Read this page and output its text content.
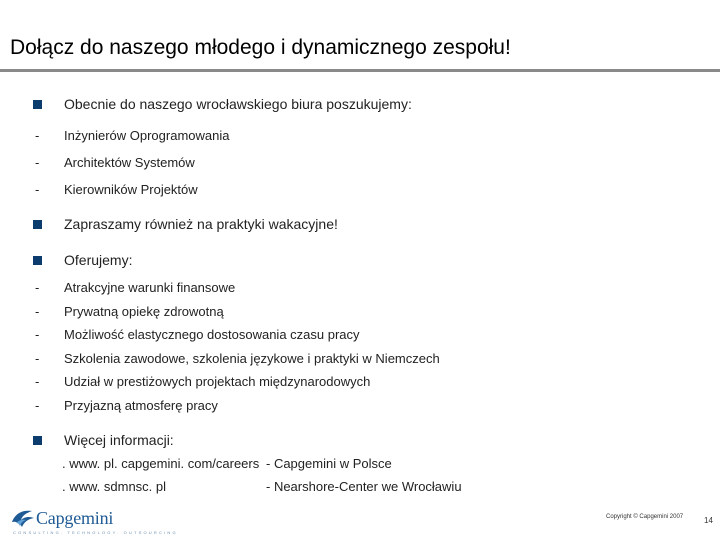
Dołącz do naszego młodego i dynamicznego zespołu!
Obecnie do naszego wrocławskiego biura poszukujemy:
- Inżynierów Oprogramowania
- Architektów Systemów
- Kierowników Projektów
Zapraszamy również na praktyki wakacyjne!
Oferujemy:
- Atrakcyjne warunki finansowe
- Prywatną opiekę zdrowotną
- Możliwość elastycznego dostosowania czasu pracy
- Szkolenia zawodowe, szkolenia językowe i praktyki w Niemczech
- Udział w prestiżowych projektach międzynarodowych
- Przyjazną atmosferę pracy
Więcej informacji:
. www. pl. capgemini. com/careers - Capgemini w Polsce
. www. sdmnsc. pl	- Nearshore-Center we Wrocławiu
Capgemini
CONSULTING. TECHNOLOGY. OUTSOURCING
Copyright © Capgemini 2007	14
